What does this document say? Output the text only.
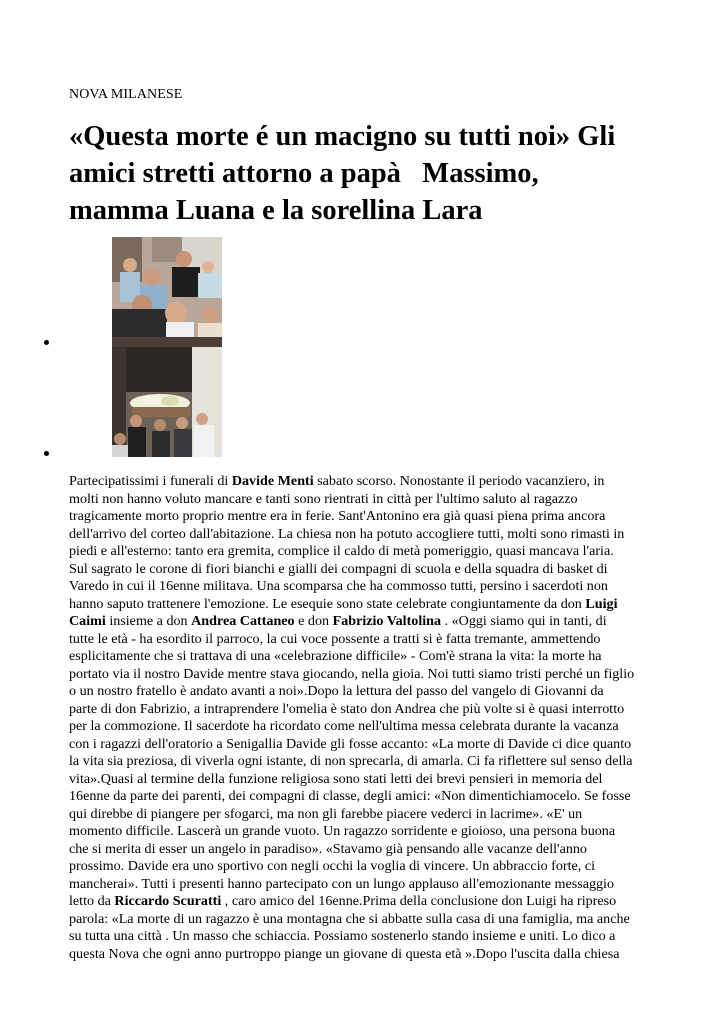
NOVA MILANESE
«Questa morte é un macigno su tutti noi» Gli
amici stretti attorno a papà   Massimo,
mamma Luana e la sorellina Lara

Partecipatissimi i funerali di Davide Menti sabato scorso. Nonostante il periodo vacanziero, in

molti non hanno voluto mancare e tanti sono rientrati in città per l'ultimo saluto al ragazzo

tragicamente morto proprio mentre era in ferie. Sant'Antonino era già quasi piena prima ancora

dell'arrivo del corteo dall'abitazione. La chiesa non ha potuto accogliere tutti, molti sono rimasti in

piedi e all'esterno: tanto era gremita, complice il caldo di metà pomeriggio, quasi mancava l'aria.

Sul sagrato le corone di fiori bianchi e gialli dei compagni di scuola e della squadra di basket di

Varedo in cui il 16enne militava. Una scomparsa che ha commosso tutti, persino i sacerdoti non

hanno saputo trattenere l'emozione. Le esequie sono state celebrate congiuntamente da don Luigi

Caimi insieme a don Andrea Cattaneo e don Fabrizio Valtolina . «Oggi siamo qui in tanti, di

tutte le età - ha esordito il parroco, la cui voce possente a tratti si è fatta tremante, ammettendo

esplicitamente che si trattava di una «celebrazione difficile» - Com'è strana la vita: la morte ha

portato via il nostro Davide mentre stava giocando, nella gioia. Noi tutti siamo tristi perché un figlio

o un nostro fratello è andato avanti a noi».Dopo la lettura del passo del vangelo di Giovanni da

parte di don Fabrizio, a intraprendere l'omelia è stato don Andrea che più volte si è quasi interrotto

per la commozione. Il sacerdote ha ricordato come nell'ultima messa celebrata durante la vacanza

con i ragazzi dell'oratorio a Senigallia Davide gli fosse accanto: «La morte di Davide ci dice quanto

la vita sia preziosa, di viverla ogni istante, di non sprecarla, di amarla. Ci fa riflettere sul senso della

vita».Quasi al termine della funzione religiosa sono stati letti dei brevi pensieri in memoria del

16enne da parte dei parenti, dei compagni di classe, degli amici: «Non dimentichiamocelo. Se fosse

qui direbbe di piangere per sfogarci, ma non gli farebbe piacere vederci in lacrime». «E' un

momento difficile. Lascerà un grande vuoto. Un ragazzo sorridente e gioioso, una persona buona

che si merita di esser un angelo in paradiso». «Stavamo già pensando alle vacanze dell'anno

prossimo. Davide era uno sportivo con negli occhi la voglia di vincere. Un abbraccio forte, ci

mancherai». Tutti i presenti hanno partecipato con un lungo applauso all'emozionante messaggio

letto da Riccardo Scuratti , caro amico del 16enne.Prima della conclusione don Luigi ha ripreso

parola: «La morte di un ragazzo è una montagna che si abbatte sulla casa di una famiglia, ma anche

su tutta una città . Un masso che schiaccia. Possiamo sostenerlo stando insieme e uniti. Lo dico a

questa Nova che ogni anno purtroppo piange un giovane di questa età ».Dopo l'uscita dalla chiesa
